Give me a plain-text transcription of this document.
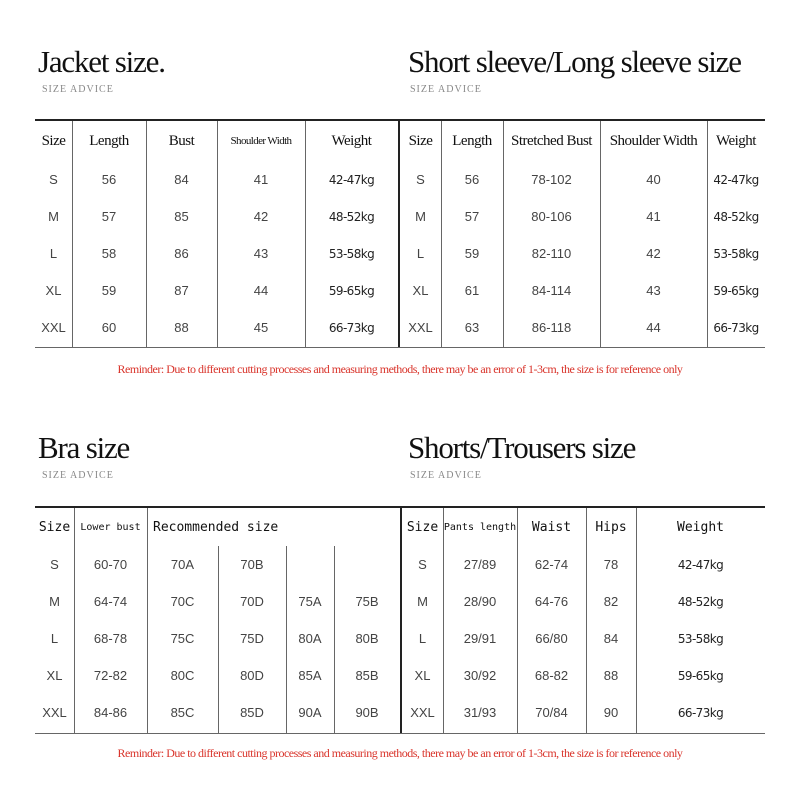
Jacket size.
SIZE ADVICE
Short sleeve/Long sleeve size
SIZE ADVICE
Size	Length	Bust	Shoulder Width	Weight
S	56	84	41	42-47kg
M	57	85	42	48-52kg
L	58	86	43	53-58kg
XL	59	87	44	59-65kg
XXL	60	88	45	66-73kg
Size	Length	Stretched Bust	Shoulder Width	Weight
S	56	78-102	40	42-47kg
M	57	80-106	41	48-52kg
L	59	82-110	42	53-58kg
XL	61	84-114	43	59-65kg
XXL	63	86-118	44	66-73kg
Reminder: Due to different cutting processes and measuring methods, there may be an error of 1-3cm, the size is for reference only
Bra size
SIZE ADVICE
Shorts/Trousers size
SIZE ADVICE
Size	Lower bust	Recommended size			
S	60-70	70A	70B		
M	64-74	70C	70D	75A	75B
L	68-78	75C	75D	80A	80B
XL	72-82	80C	80D	85A	85B
XXL	84-86	85C	85D	90A	90B
Size	Pants length	Waist	Hips	Weight
S	27/89	62-74	78	42-47kg
M	28/90	64-76	82	48-52kg
L	29/91	66/80	84	53-58kg
XL	30/92	68-82	88	59-65kg
XXL	31/93	70/84	90	66-73kg
Reminder: Due to different cutting processes and measuring methods, there may be an error of 1-3cm, the size is for reference only
